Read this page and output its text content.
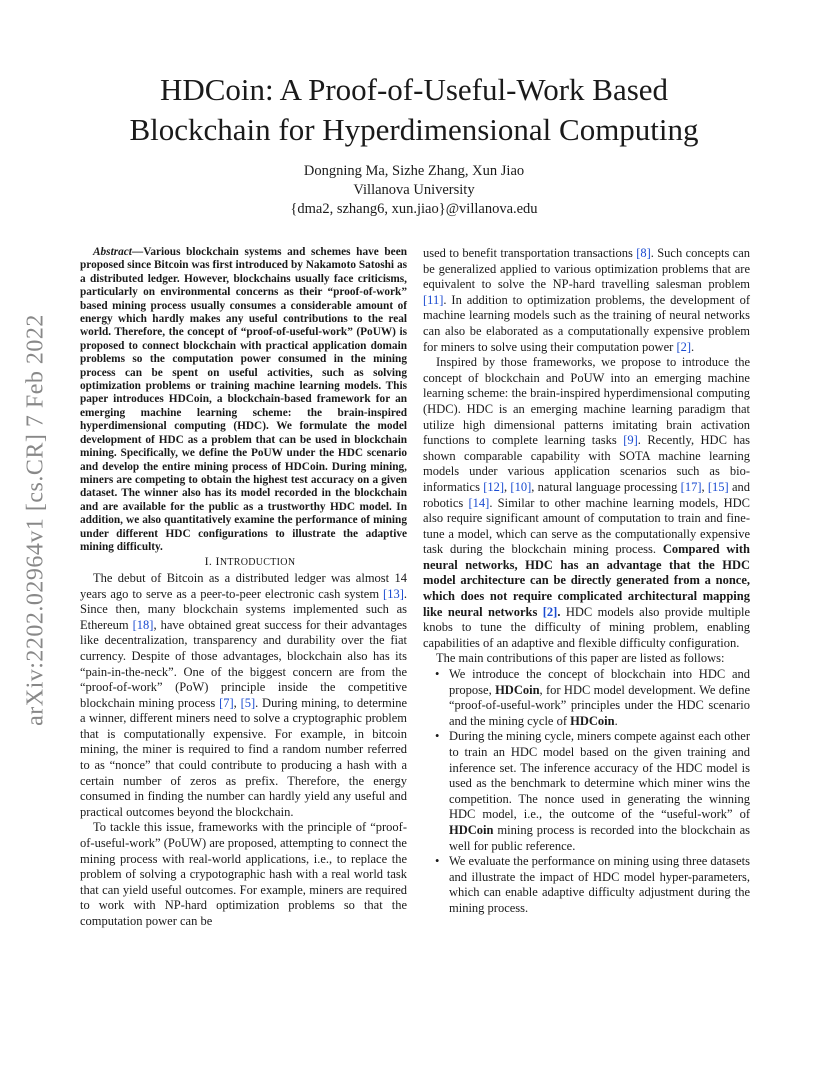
HDCoin: A Proof-of-Useful-Work Based
Blockchain for Hyperdimensional Computing
Dongning Ma, Sizhe Zhang, Xun Jiao
Villanova University
{dma2, szhang6, xun.jiao}@villanova.edu
arXiv:2202.02964v1 [cs.CR] 7 Feb 2022

Abstract—Various blockchain systems and schemes have been proposed since Bitcoin was first introduced by Nakamoto Satoshi as a distributed ledger. However, blockchains usually face criticisms, particularly on environmental concerns as their “proof-of-work” based mining process usually consumes a considerable amount of energy which hardly makes any useful contributions to the real world. Therefore, the concept of “proof-of-useful-work” (PoUW) is proposed to connect blockchain with practical application domain problems so the computation power consumed in the mining process can be spent on useful activities, such as solving optimization problems or training machine learning models. This paper introduces HDCoin, a blockchain-based framework for an emerging machine learning scheme: the brain-inspired hyperdimensional computing (HDC). We formulate the model development of HDC as a problem that can be used in blockchain mining. Specifically, we define the PoUW under the HDC scenario and develop the entire mining process of HDCoin. During mining, miners are competing to obtain the highest test accuracy on a given dataset. The winner also has its model recorded in the blockchain and are available for the public as a trustworthy HDC model. In addition, we also quantitatively examine the performance of mining under different HDC configurations to illustrate the adaptive mining difficulty.

I. INTRODUCTION

The debut of Bitcoin as a distributed ledger was almost 14 years ago to serve as a peer-to-peer electronic cash system [13]. Since then, many blockchain systems implemented such as Ethereum [18], have obtained great success for their advantages like decentralization, transparency and durability over the fiat currency. Despite of those advantages, blockchain also has its “pain-in-the-neck”. One of the biggest concern are from the “proof-of-work” (PoW) principle inside the competitive blockchain mining process [7], [5]. During mining, to determine a winner, different miners need to solve a cryptographic problem that is computationally expensive. For example, in bitcoin mining, the miner is required to find a random number referred to as “nonce” that could contribute to producing a hash with a certain number of zeros as prefix. Therefore, the energy consumed in finding the number can hardly yield any useful and practical outcomes beyond the blockchain.

To tackle this issue, frameworks with the principle of “proof-of-useful-work” (PoUW) are proposed, attempting to connect the mining process with real-world applications, i.e., to replace the problem of solving a crypotographic hash with a real world task that can yield useful outcomes. For example, miners are required to work with NP-hard optimization problems so that the computation power can be

used to benefit transportation transactions [8]. Such concepts can be generalized applied to various optimization problems that are equivalent to solve the NP-hard travelling salesman problem [11]. In addition to optimization problems, the development of machine learning models such as the training of neural networks can also be elaborated as a computationally expensive problem for miners to solve using their computation power [2].

Inspired by those frameworks, we propose to introduce the concept of blockchain and PoUW into an emerging machine learning scheme: the brain-inspired hyperdimensional computing (HDC). HDC is an emerging machine learning paradigm that utilize high dimensional patterns imitating brain activation functions to complete learning tasks [9]. Recently, HDC has shown comparable capability with SOTA machine learning models under various application scenarios such as bio-informatics [12], [10], natural language processing [17], [15] and robotics [14]. Similar to other machine learning models, HDC also require significant amount of computation to train and fine-tune a model, which can serve as the computationally expensive task during the blockchain mining process. Compared with neural networks, HDC has an advantage that the HDC model architecture can be directly generated from a nonce, which does not require complicated architectural mapping like neural networks [2]. HDC models also provide multiple knobs to tune the difficulty of mining problem, enabling capabilities of an adaptive and flexible difficulty configuration.

The main contributions of this paper are listed as follows:

• We introduce the concept of blockchain into HDC and propose, HDCoin, for HDC model development. We define “proof-of-useful-work” principles under the HDC scenario and the mining cycle of HDCoin.
• During the mining cycle, miners compete against each other to train an HDC model based on the given training and inference set. The inference accuracy of the HDC model is used as the benchmark to determine which miner wins the competition. The nonce used in generating the winning HDC model, i.e., the outcome of the “useful-work” of HDCoin mining process is recorded into the blockchain as well for public reference.
• We evaluate the performance on mining using three datasets and illustrate the impact of HDC model hyper-parameters, which can enable adaptive difficulty adjustment during the mining process.
